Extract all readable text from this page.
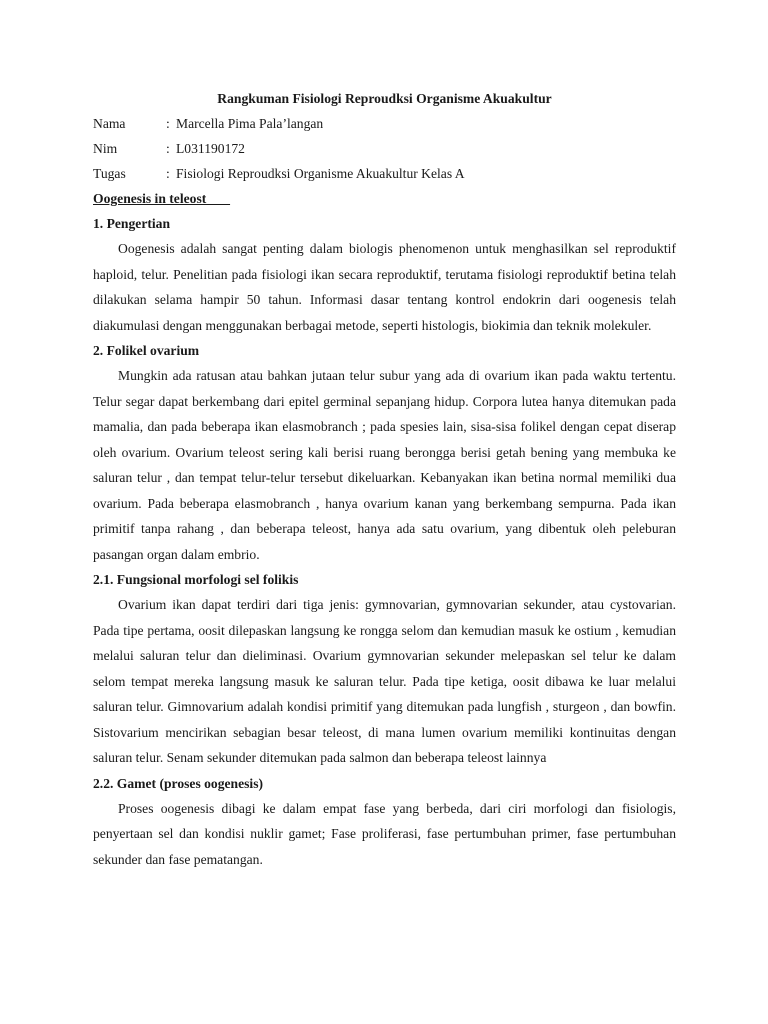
Rangkuman Fisiologi Reproudksi Organisme Akuakultur

Nama	: Marcella Pima Pala’langan
Nim	: L031190172
Tugas	: Fisiologi Reproudksi Organisme Akuakultur Kelas A

Oogenesis in teleost

1. Pengertian

Oogenesis adalah sangat penting dalam biologis phenomenon untuk menghasilkan sel reproduktif haploid, telur. Penelitian pada fisiologi ikan secara reproduktif, terutama fisiologi reproduktif betina telah dilakukan selama hampir 50 tahun. Informasi dasar tentang kontrol endokrin dari oogenesis telah diakumulasi dengan menggunakan berbagai metode, seperti histologis, biokimia dan teknik molekuler.

2. Folikel ovarium

Mungkin ada ratusan atau bahkan jutaan telur subur yang ada di ovarium ikan pada waktu tertentu. Telur segar dapat berkembang dari epitel germinal sepanjang hidup. Corpora lutea hanya ditemukan pada mamalia, dan pada beberapa ikan elasmobranch ; pada spesies lain, sisa-sisa folikel dengan cepat diserap oleh ovarium. Ovarium teleost sering kali berisi ruang berongga berisi getah bening yang membuka ke saluran telur , dan tempat telur-telur tersebut dikeluarkan. Kebanyakan ikan betina normal memiliki dua ovarium. Pada beberapa elasmobranch , hanya ovarium kanan yang berkembang sempurna. Pada ikan primitif tanpa rahang , dan beberapa teleost, hanya ada satu ovarium, yang dibentuk oleh peleburan pasangan organ dalam embrio.

2.1. Fungsional morfologi sel folikis

Ovarium ikan dapat terdiri dari tiga jenis: gymnovarian, gymnovarian sekunder, atau cystovarian. Pada tipe pertama, oosit dilepaskan langsung ke rongga selom dan kemudian masuk ke ostium , kemudian melalui saluran telur dan dieliminasi. Ovarium gymnovarian sekunder melepaskan sel telur ke dalam selom tempat mereka langsung masuk ke saluran telur. Pada tipe ketiga, oosit dibawa ke luar melalui saluran telur. Gimnovarium adalah kondisi primitif yang ditemukan pada lungfish , sturgeon , dan bowfin. Sistovarium mencirikan sebagian besar teleost, di mana lumen ovarium memiliki kontinuitas dengan saluran telur. Senam sekunder ditemukan pada salmon dan beberapa teleost lainnya

2.2. Gamet (proses oogenesis)

Proses oogenesis dibagi ke dalam empat fase yang berbeda, dari ciri morfologi dan fisiologis, penyertaan sel dan kondisi nuklir gamet; Fase proliferasi, fase pertumbuhan primer, fase pertumbuhan sekunder dan fase pematangan.
